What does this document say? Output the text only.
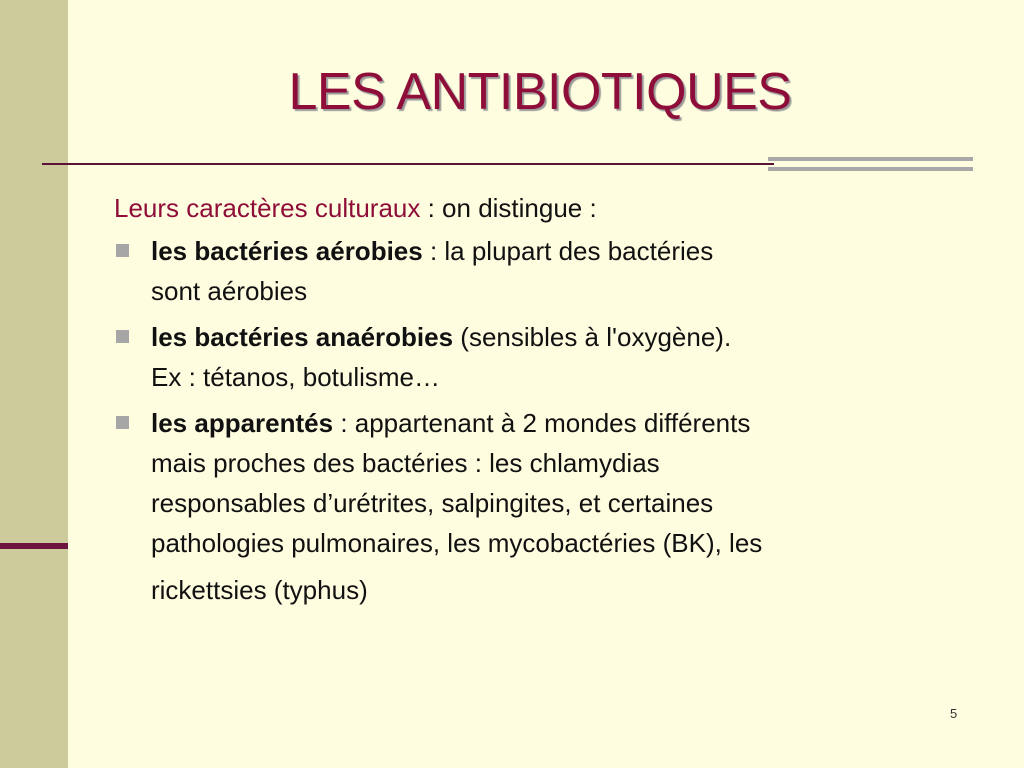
LES ANTIBIOTIQUES

Leurs caractères culturaux : on distingue :

les bactéries aérobies : la plupart des bactéries
sont aérobies
les bactéries anaérobies (sensibles à l'oxygène).
Ex : tétanos, botulisme…
les apparentés : appartenant à 2 mondes différents
mais proches des bactéries : les chlamydias
responsables d’urétrites, salpingites, et certaines
pathologies pulmonaires, les mycobactéries (BK), les
rickettsies (typhus)
5
